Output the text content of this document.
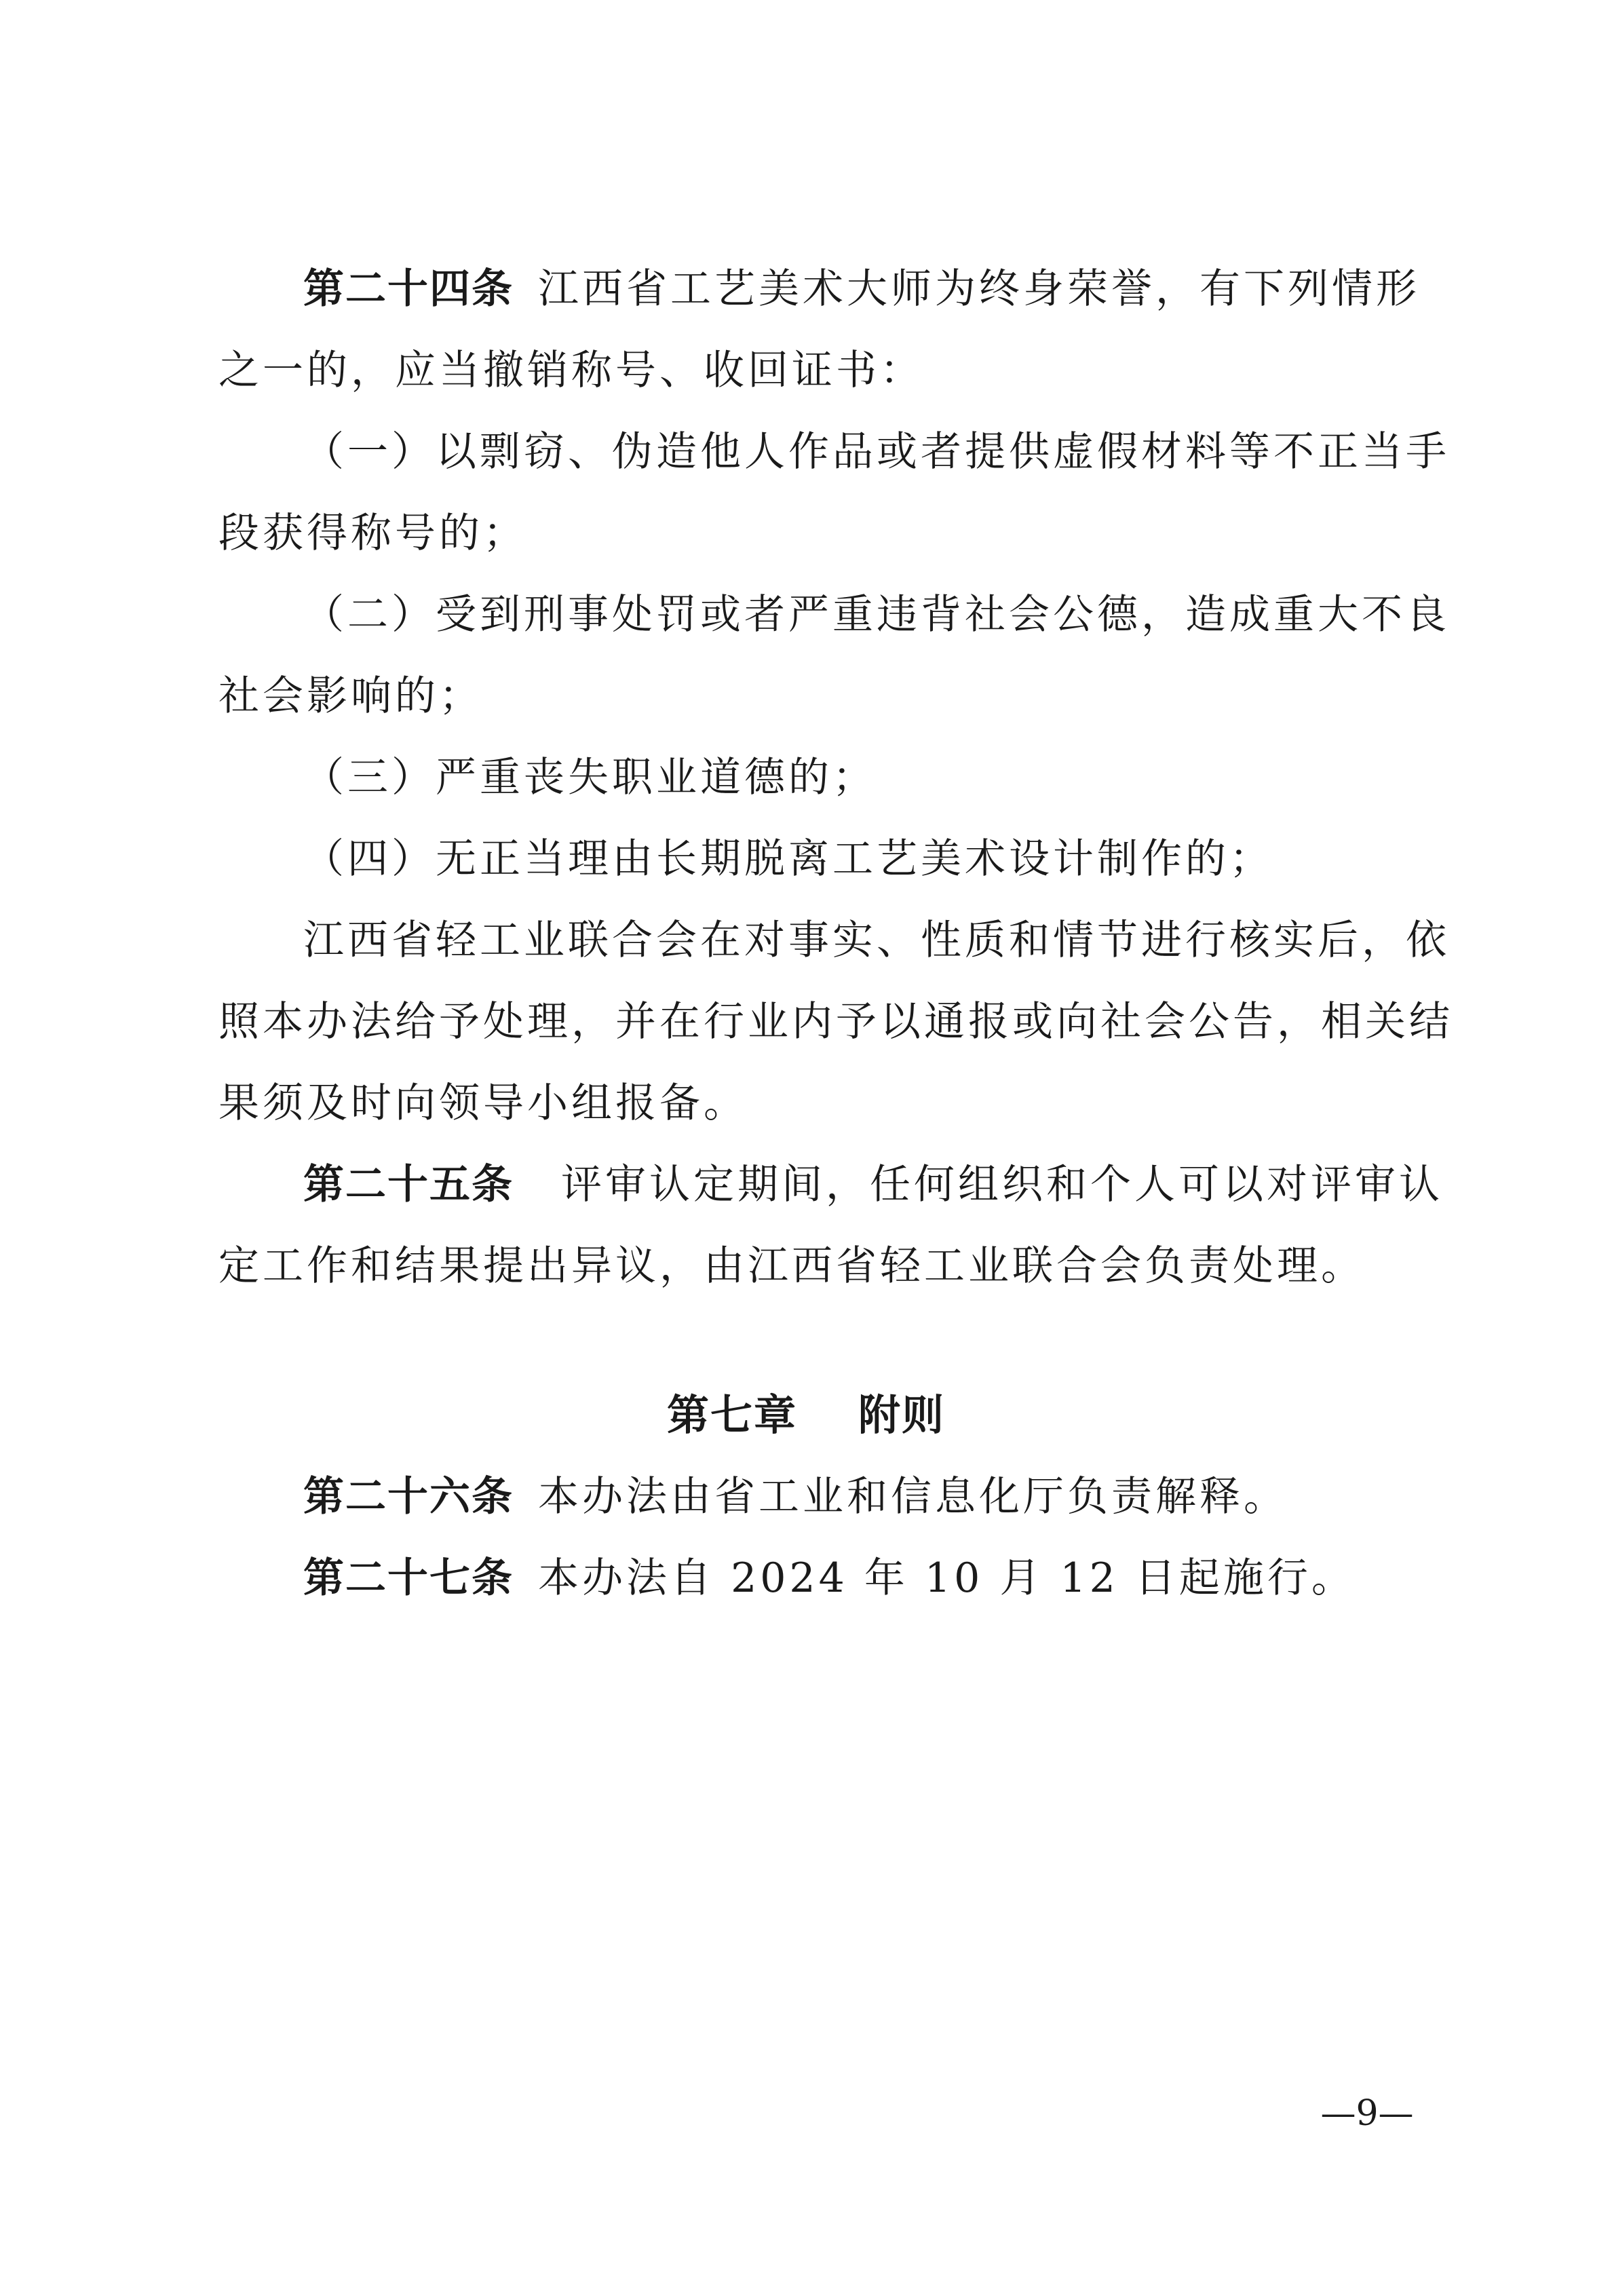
第二十四条 江西省工艺美术大师为终身荣誉，有下列情形
之一的，应当撤销称号、收回证书：
（一）以剽窃、伪造他人作品或者提供虚假材料等不正当手
段获得称号的；
（二）受到刑事处罚或者严重违背社会公德，造成重大不良
社会影响的；
（三）严重丧失职业道德的；
（四）无正当理由长期脱离工艺美术设计制作的；
江西省轻工业联合会在对事实、性质和情节进行核实后，依
照本办法给予处理，并在行业内予以通报或向社会公告，相关结
果须及时向领导小组报备。
第二十五条 评审认定期间，任何组织和个人可以对评审认
定工作和结果提出异议，由江西省轻工业联合会负责处理。
第七章 附则
第二十六条 本办法由省工业和信息化厅负责解释。
第二十七条 本办法自 2024 年 10 月 12 日起施行。
—9—
